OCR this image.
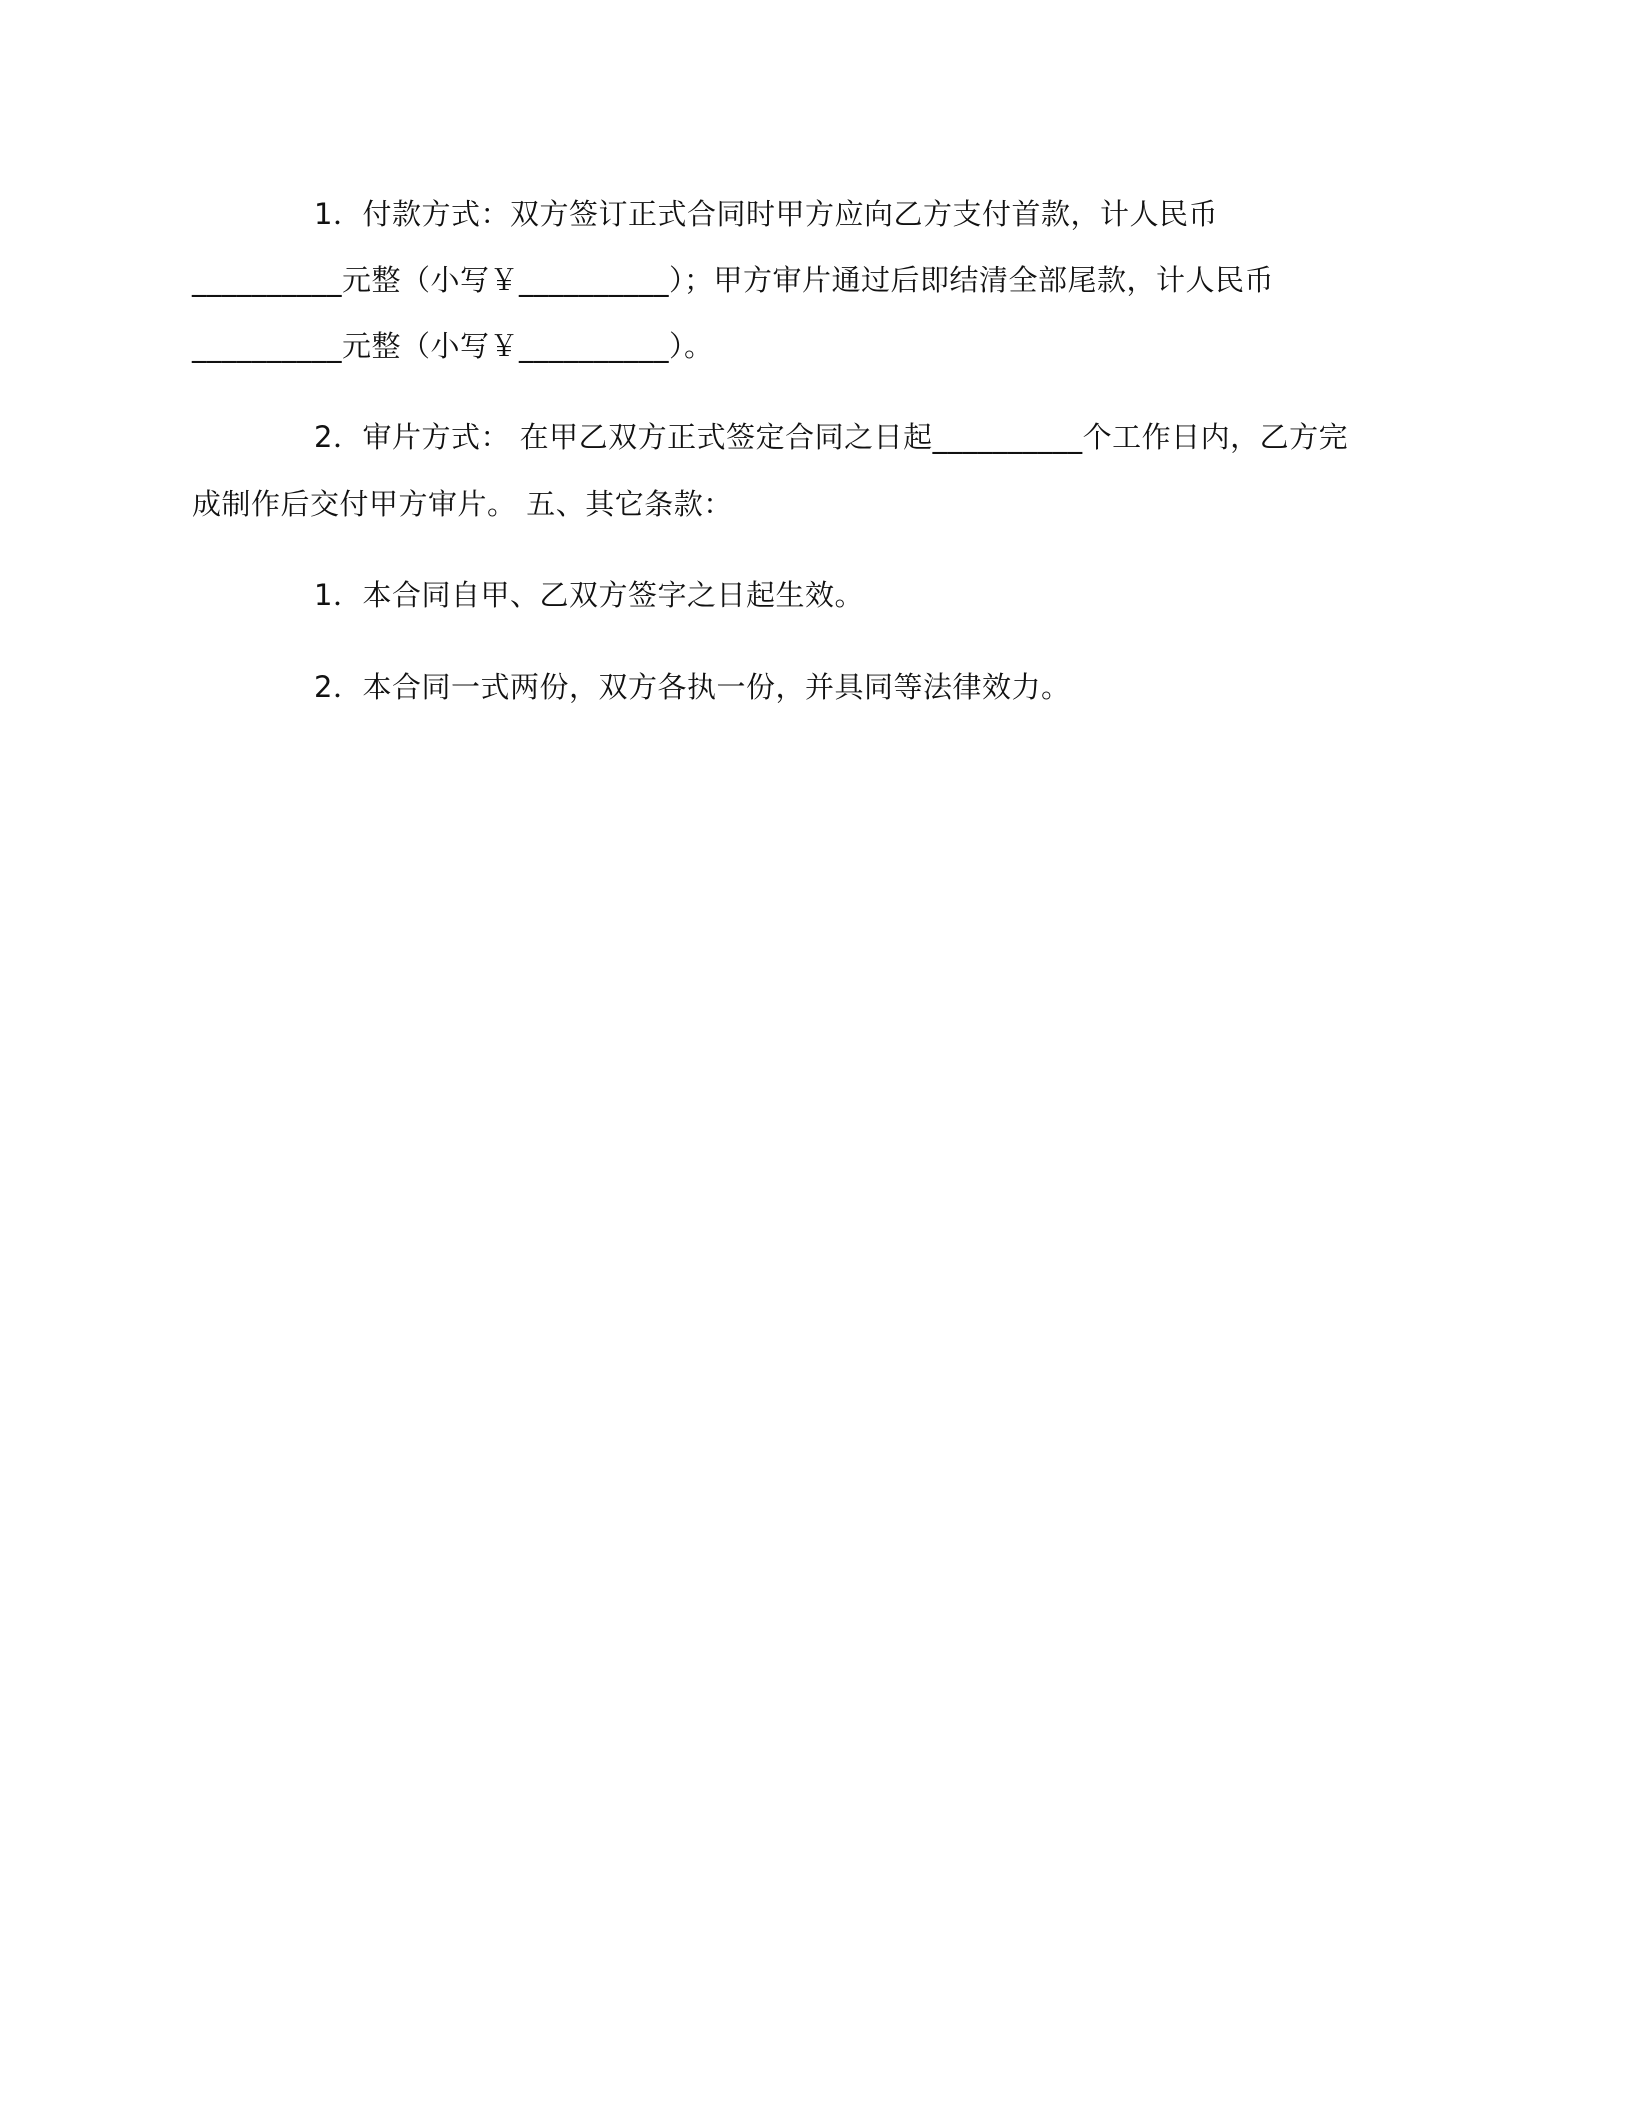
1．付款方式：双方签订正式合同时甲方应向乙方支付首款，计人民币
__________元整（小写￥__________）；甲方审片通过后即结清全部尾款，计人民币
__________元整（小写￥__________）。
2．审片方式： 在甲乙双方正式签定合同之日起__________个工作日内，乙方完
成制作后交付甲方审片。 五、其它条款：
1．本合同自甲、乙双方签字之日起生效。
2．本合同一式两份，双方各执一份，并具同等法律效力。
